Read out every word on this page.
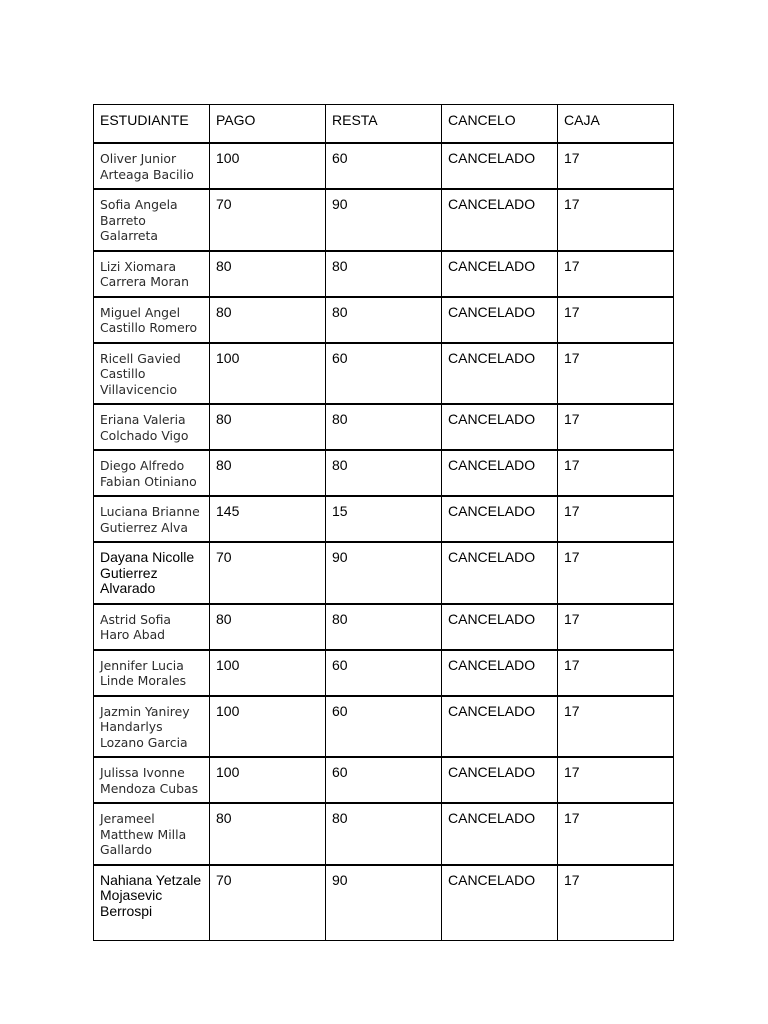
ESTUDIANTE	PAGO	RESTA	CANCELO	CAJA
Oliver Junior Arteaga Bacilio	100	60	CANCELADO	17
Sofia Angela Barreto Galarreta	70	90	CANCELADO	17
Lizi Xiomara Carrera Moran	80	80	CANCELADO	17
Miguel Angel Castillo Romero	80	80	CANCELADO	17
Ricell Gavied Castillo Villavicencio	100	60	CANCELADO	17
Eriana Valeria Colchado Vigo	80	80	CANCELADO	17
Diego Alfredo Fabian Otiniano	80	80	CANCELADO	17
Luciana Brianne Gutierrez Alva	145	15	CANCELADO	17
Dayana Nicolle Gutierrez Alvarado	70	90	CANCELADO	17
Astrid Sofia Haro Abad	80	80	CANCELADO	17
Jennifer Lucia Linde Morales	100	60	CANCELADO	17
Jazmin Yanirey Handarlys Lozano Garcia	100	60	CANCELADO	17
Julissa Ivonne Mendoza Cubas	100	60	CANCELADO	17
Jerameel Matthew Milla Gallardo	80	80	CANCELADO	17
Nahiana Yetzale Mojasevic Berrospi	70	90	CANCELADO	17
